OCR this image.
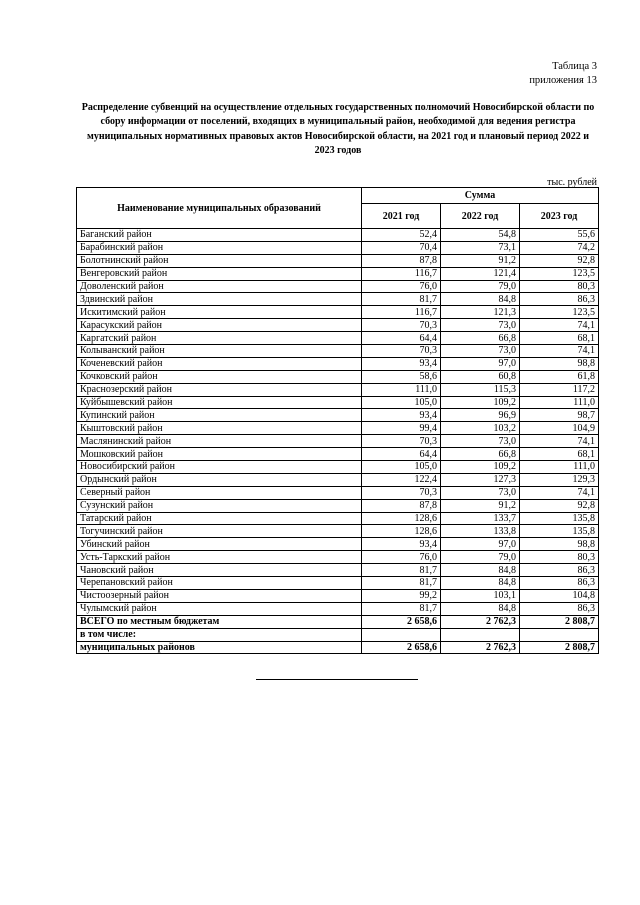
Таблица 3
приложения 13
Распределение субвенций на осуществление отдельных государственных полномочий Новосибирской области по сбору информации от поселений, входящих в муниципальный район, необходимой для ведения регистра муниципальных нормативных правовых актов Новосибирской области, на 2021 год и плановый период 2022 и 2023 годов
тыс. рублей
Наименование муниципальных образований	Сумма		
	2021 год	2022 год	2023 год
Баганский район	52,4	54,8	55,6
Барабинский район	70,4	73,1	74,2
Болотнинский район	87,8	91,2	92,8
Венгеровский район	116,7	121,4	123,5
Доволенский район	76,0	79,0	80,3
Здвинский район	81,7	84,8	86,3
Искитимский район	116,7	121,3	123,5
Карасукский район	70,3	73,0	74,1
Каргатский район	64,4	66,8	68,1
Колыванский район	70,3	73,0	74,1
Коченевский район	93,4	97,0	98,8
Кочковский район	58,6	60,8	61,8
Краснозерский район	111,0	115,3	117,2
Куйбышевский район	105,0	109,2	111,0
Купинский район	93,4	96,9	98,7
Кыштовский район	99,4	103,2	104,9
Маслянинский район	70,3	73,0	74,1
Мошковский район	64,4	66,8	68,1
Новосибирский район	105,0	109,2	111,0
Ордынский район	122,4	127,3	129,3
Северный район	70,3	73,0	74,1
Сузунский район	87,8	91,2	92,8
Татарский район	128,6	133,7	135,8
Тогучинский район	128,6	133,8	135,8
Убинский район	93,4	97,0	98,8
Усть-Таркский район	76,0	79,0	80,3
Чановский район	81,7	84,8	86,3
Черепановский район	81,7	84,8	86,3
Чистоозерный район	99,2	103,1	104,8
Чулымский район	81,7	84,8	86,3
ВСЕГО по местным бюджетам	2 658,6	2 762,3	2 808,7
в том числе:			
муниципальных районов	2 658,6	2 762,3	2 808,7
